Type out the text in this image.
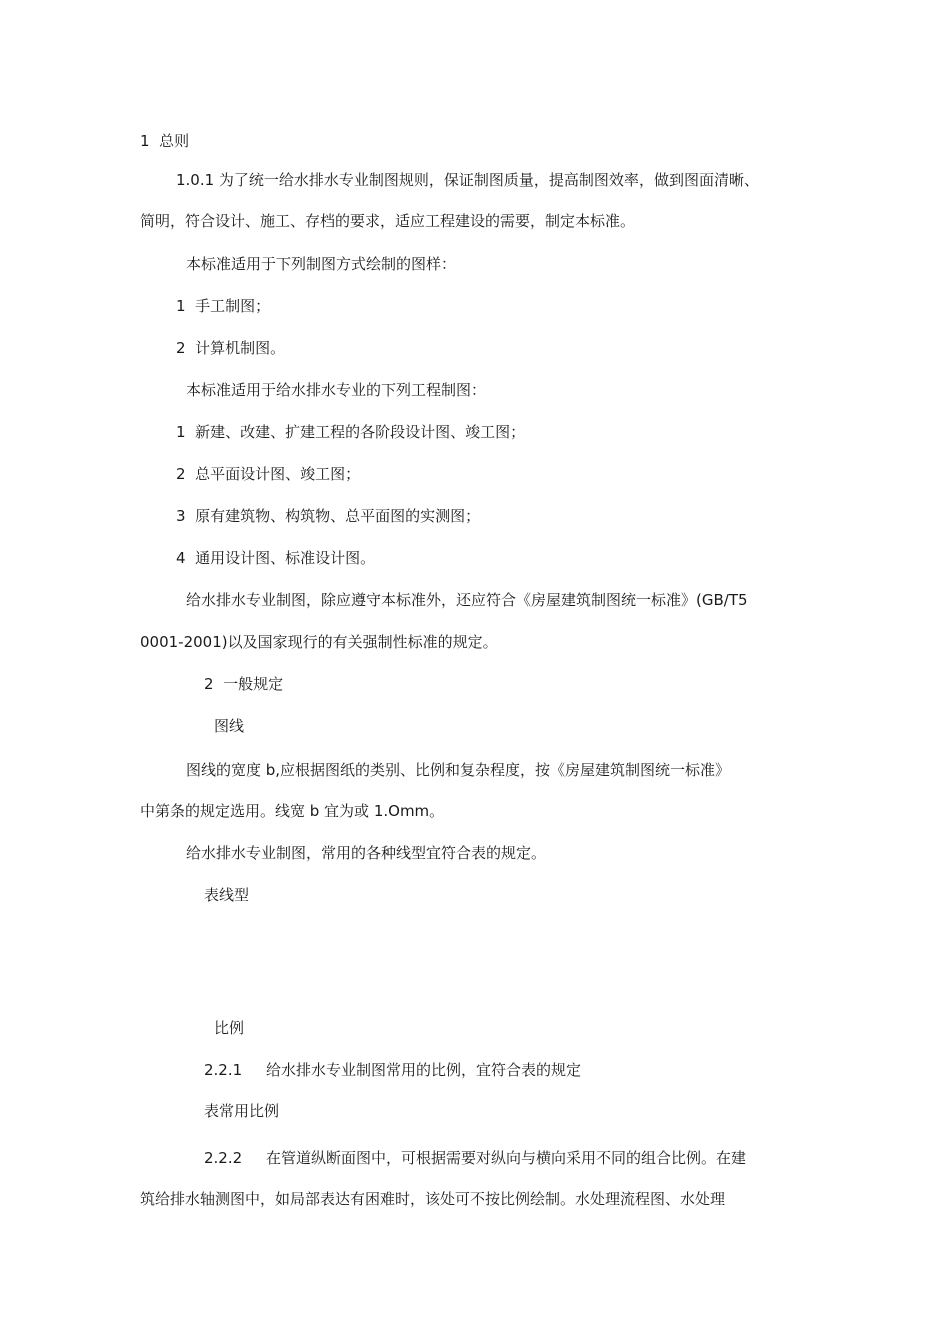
1 总则
1.0.1 为了统一给水排水专业制图规则，保证制图质量，提高制图效率，做到图面清晰、
简明，符合设计、施工、存档的要求，适应工程建设的需要，制定本标准。
本标准适用于下列制图方式绘制的图样：
1 手工制图；
2 计算机制图。
本标准适用于给水排水专业的下列工程制图：
1 新建、改建、扩建工程的各阶段设计图、竣工图；
2 总平面设计图、竣工图；
3 原有建筑物、构筑物、总平面图的实测图；
4 通用设计图、标准设计图。
给水排水专业制图，除应遵守本标准外，还应符合《房屋建筑制图统一标准》(GB/T5
0001-2001)以及国家现行的有关强制性标准的规定。
2 一般规定
图线
图线的宽度 b,应根据图纸的类别、比例和复杂程度，按《房屋建筑制图统一标准》
中第条的规定选用。线宽 b 宜为或 1.Omm。
给水排水专业制图，常用的各种线型宜符合表的规定。
表线型
比例
2.2.1 给水排水专业制图常用的比例，宜符合表的规定
表常用比例
2.2.2 在管道纵断面图中，可根据需要对纵向与横向采用不同的组合比例。在建
筑给排水轴测图中，如局部表达有困难时，该处可不按比例绘制。水处理流程图、水处理
